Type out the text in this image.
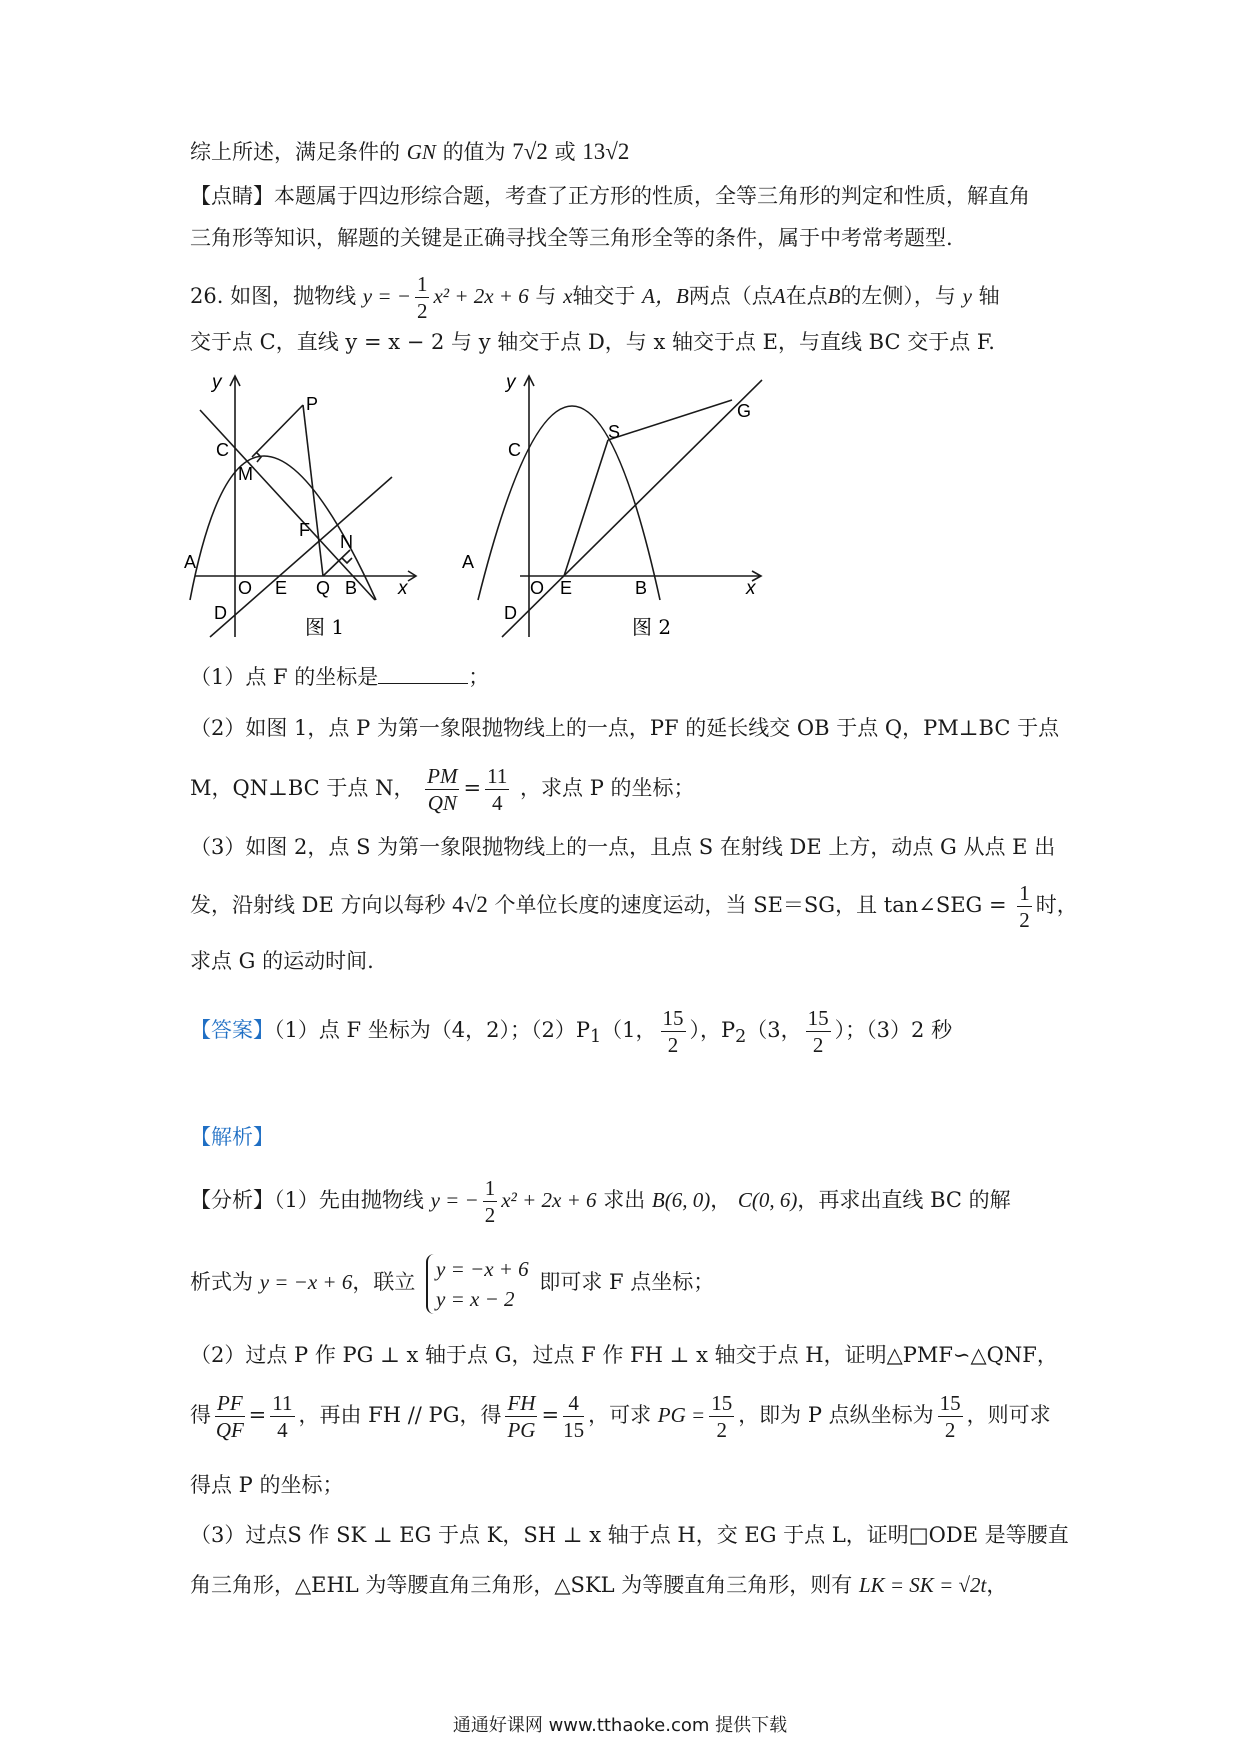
综上所述，满足条件的 GN 的值为 7√2 或 13√2
【点睛】本题属于四边形综合题，考查了正方形的性质，全等三角形的判定和性质，解直角
三角形等知识，解题的关键是正确寻找全等三角形全等的条件，属于中考常考题型.
26. 如图，抛物线 y = − $\frac{1}{2} x^2 + 2x + 6$ 与 x轴交于 A，B两点（点A在点B的左侧），与 y 轴
交于点 C，直线 y = x − 2 与 y 轴交于点 D，与 x 轴交于点 E，与直线 BC 交于点 F.
y
P
C
M
F
N
A
O E Q B x
D
图 1
y
G
S
C
A
O E	B	x
D
图 2
（1）点 F 的坐标是	；
（2）如图 1，点 P 为第一象限抛物线上的一点，PF 的延长线交 OB 于点 Q，PM⊥BC 于点
M，QN⊥BC 于点 N， $\frac{PM}{QN} = \frac{11}{4}$ ，求点 P 的坐标；
（3）如图 2，点 S 为第一象限抛物线上的一点，且点 S 在射线 DE 上方，动点 G 从点 E 出
发，沿射线 DE 方向以每秒 4√2 个单位长度的速度运动，当 SE＝SG，且 tan∠SEG = $\frac{1}{2}$ 时，
求点 G 的运动时间.
【答案】（1）点 F 坐标为（4，2）；$(2)P_1(1$， $\frac{15}{2}$ ），$P_2(3$， $\frac{15}{2}$ ）；（3）2 秒
【解析】
【分析】（1）先由抛物线 y = − $\frac{1}{2} x^2 + 2x + 6$ 求出 B(6, 0)， C(0, 6)，再求出直线 BC 的解
析式为 y = −x + 6，联立
y = −x + 6
y = x − 2
即可求 F 点坐标；
（2）过点 P 作 PG ⊥ x 轴于点 G，过点 F 作 FH ⊥ x 轴交于点 H，证明△PMF∽△QNF，
得 $\frac{PF}{QF} = \frac{11}{4}$ ，再由 FH // PG，得 $\frac{FH}{PG} = \frac{4}{15}$ ，可求 PG = $\frac{15}{2}$ ，即为 P 点纵坐标为 $\frac{15}{2}$ ，则可求
得点 P 的坐标；
（3）过点S 作 SK ⊥ EG 于点 K，SH ⊥ x 轴于点 H，交 EG 于点 L，证明□ODE 是等腰直
角三角形，△EHL 为等腰直角三角形，△SKL 为等腰直角三角形，则有 LK = SK = √2t，
通通好课网 www.tthaoke.com 提供下载
